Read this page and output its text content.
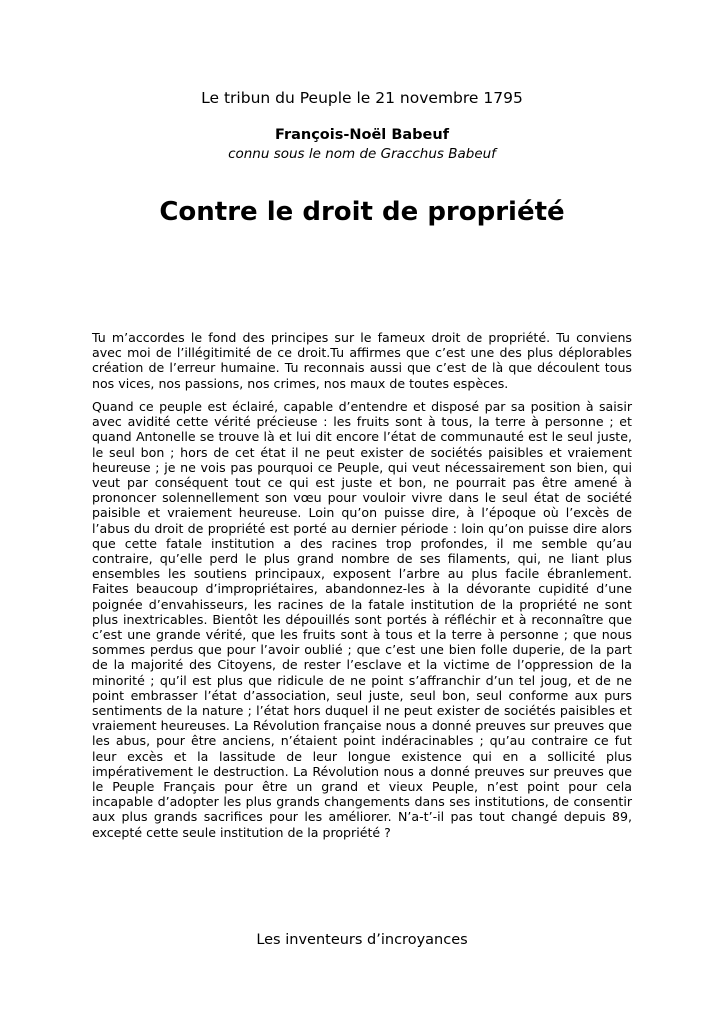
Le tribun du Peuple le 21 novembre 1795
François-Noël Babeuf
connu sous le nom de Gracchus Babeuf
Contre le droit de propriété

Tu m’accordes le fond des principes sur le fameux droit de propriété. Tu conviens avec moi de l’illégitimité de ce droit.Tu affirmes que c’est une des plus déplorables création de l’erreur humaine. Tu reconnais aussi que c’est de là que découlent tous nos vices, nos passions, nos crimes, nos maux de toutes espèces.

Quand ce peuple est éclairé, capable d’entendre et disposé par sa position à saisir avec avidité cette vérité précieuse : les fruits sont à tous, la terre à personne ; et quand Antonelle se trouve là et lui dit encore l’état de communauté est le seul juste, le seul bon ; hors de cet état il ne peut exister de sociétés paisibles et vraiement heureuse ; je ne vois pas pourquoi ce Peuple, qui veut nécessairement son bien, qui veut par conséquent tout ce qui est juste et bon, ne pourrait pas être amené à prononcer solennellement son vœu pour vouloir vivre dans le seul état de société paisible et vraiement heureuse. Loin qu’on puisse dire, à l’époque où l’excès de l’abus du droit de propriété est porté au dernier période : loin qu’on puisse dire alors que cette fatale institution a des racines trop profondes, il me semble qu’au contraire, qu’elle perd le plus grand nombre de ses filaments, qui, ne liant plus ensembles les soutiens principaux, exposent l’arbre au plus facile ébranlement. Faites beaucoup d’impropriétaires, abandonnez-les à la dévorante cupidité d’une poignée d’envahisseurs, les racines de la fatale institution de la propriété ne sont plus inextricables. Bientôt les dépouillés sont portés à réfléchir et à reconnaître que c’est une grande vérité, que les fruits sont à tous et la terre à personne ; que nous sommes perdus que pour l’avoir oublié ; que c’est une bien folle duperie, de la part de la majorité des Citoyens, de rester l’esclave et la victime de l’oppression de la minorité ; qu’il est plus que ridicule de ne point s’affranchir d’un tel joug, et de ne point embrasser l’état d’association, seul juste, seul bon, seul conforme aux purs sentiments de la nature ; l’état hors duquel il ne peut exister de sociétés paisibles et vraiement heureuses. La Révolution française nous a donné preuves sur preuves que les abus, pour être anciens, n’étaient point indéracinables ; qu’au contraire ce fut leur excès et la lassitude de leur longue existence qui en a sollicité plus impérativement le destruction. La Révolution nous a donné preuves sur preuves que le Peuple Français pour être un grand et vieux Peuple, n’est point pour cela incapable d’adopter les plus grands changements dans ses institutions, de consentir aux plus grands sacrifices pour les améliorer. N’a-t’-il pas tout changé depuis 89, excepté cette seule institution de la propriété ?

Les inventeurs d’incroyances
